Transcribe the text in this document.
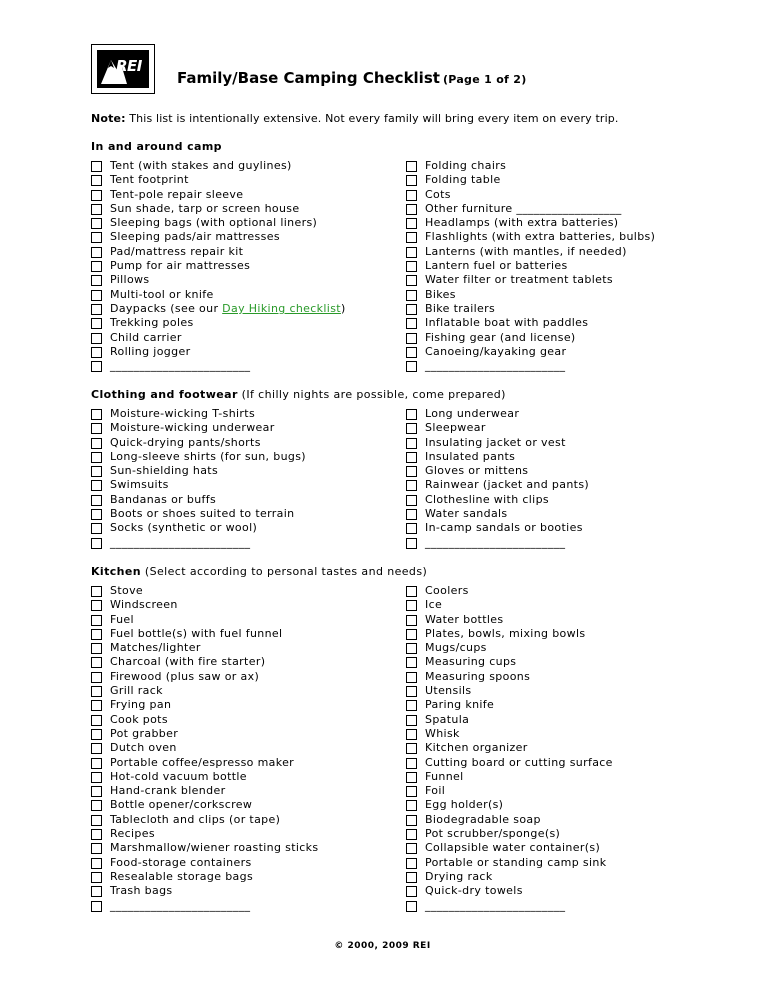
REI
Family/Base Camping Checklist (Page 1 of 2)
Note: This list is intentionally extensive. Not every family will bring every item on every trip.
In and around camp
Tent (with stakes and guylines)
Tent footprint
Tent-pole repair sleeve
Sun shade, tarp or screen house
Sleeping bags (with optional liners)
Sleeping pads/air mattresses
Pad/mattress repair kit
Pump for air mattresses
Pillows
Multi-tool or knife
Daypacks (see our Day Hiking checklist)
Trekking poles
Child carrier
Rolling jogger
________________________
Folding chairs
Folding table
Cots
Other furniture __________________
Headlamps (with extra batteries)
Flashlights (with extra batteries, bulbs)
Lanterns (with mantles, if needed)
Lantern fuel or batteries
Water filter or treatment tablets
Bikes
Bike trailers
Inflatable boat with paddles
Fishing gear (and license)
Canoeing/kayaking gear
________________________
Clothing and footwear (If chilly nights are possible, come prepared)
Moisture-wicking T-shirts
Moisture-wicking underwear
Quick-drying pants/shorts
Long-sleeve shirts (for sun, bugs)
Sun-shielding hats
Swimsuits
Bandanas or buffs
Boots or shoes suited to terrain
Socks (synthetic or wool)
________________________
Long underwear
Sleepwear
Insulating jacket or vest
Insulated pants
Gloves or mittens
Rainwear (jacket and pants)
Clothesline with clips
Water sandals
In-camp sandals or booties
________________________
Kitchen (Select according to personal tastes and needs)
Stove
Windscreen
Fuel
Fuel bottle(s) with fuel funnel
Matches/lighter
Charcoal (with fire starter)
Firewood (plus saw or ax)
Grill rack
Frying pan
Cook pots
Pot grabber
Dutch oven
Portable coffee/espresso maker
Hot-cold vacuum bottle
Hand-crank blender
Bottle opener/corkscrew
Tablecloth and clips (or tape)
Recipes
Marshmallow/wiener roasting sticks
Food-storage containers
Resealable storage bags
Trash bags
________________________
Coolers
Ice
Water bottles
Plates, bowls, mixing bowls
Mugs/cups
Measuring cups
Measuring spoons
Utensils
Paring knife
Spatula
Whisk
Kitchen organizer
Cutting board or cutting surface
Funnel
Foil
Egg holder(s)
Biodegradable soap
Pot scrubber/sponge(s)
Collapsible water container(s)
Portable or standing camp sink
Drying rack
Quick-dry towels
________________________
© 2000, 2009 REI
